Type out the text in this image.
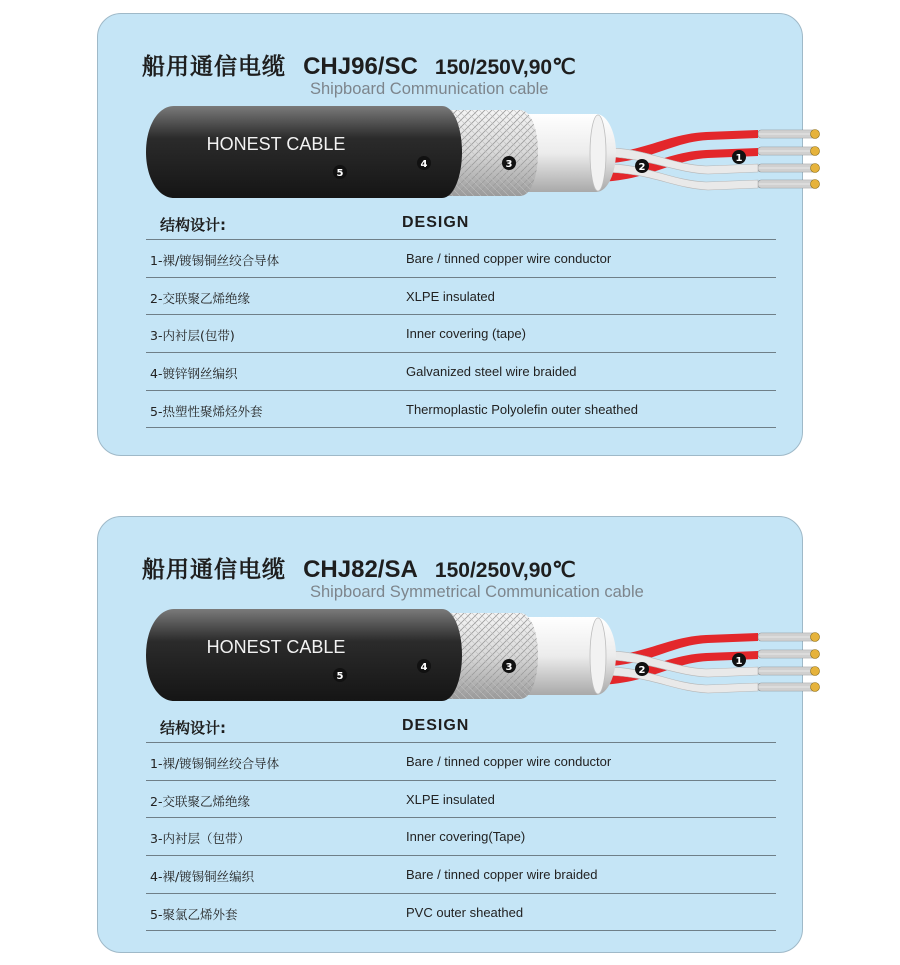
船用通信电缆 CHJ96/SC 150/250V,90℃
Shipboard Communication cable
HONEST CABLE
5
4	3	2
1
结构设计:	DESIGN
1-裸/镀锡铜丝绞合导体	Bare / tinned copper wire conductor
2-交联聚乙烯绝缘	XLPE insulated
3-内衬层(包带)	Inner covering (tape)
4-镀锌钢丝编织	Galvanized steel wire braided
5-热塑性聚烯烃外套	Thermoplastic Polyolefin outer sheathed
船用通信电缆 CHJ82/SA 150/250V,90℃
Shipboard Symmetrical Communication cable
HONEST CABLE
5
4	3	2
1
结构设计:	DESIGN
1-裸/镀锡铜丝绞合导体	Bare / tinned copper wire conductor
2-交联聚乙烯绝缘	XLPE insulated
3-内衬层（包带）	Inner covering(Tape)
4-裸/镀锡铜丝编织	Bare / tinned copper wire braided
5-聚氯乙烯外套	PVC outer sheathed
